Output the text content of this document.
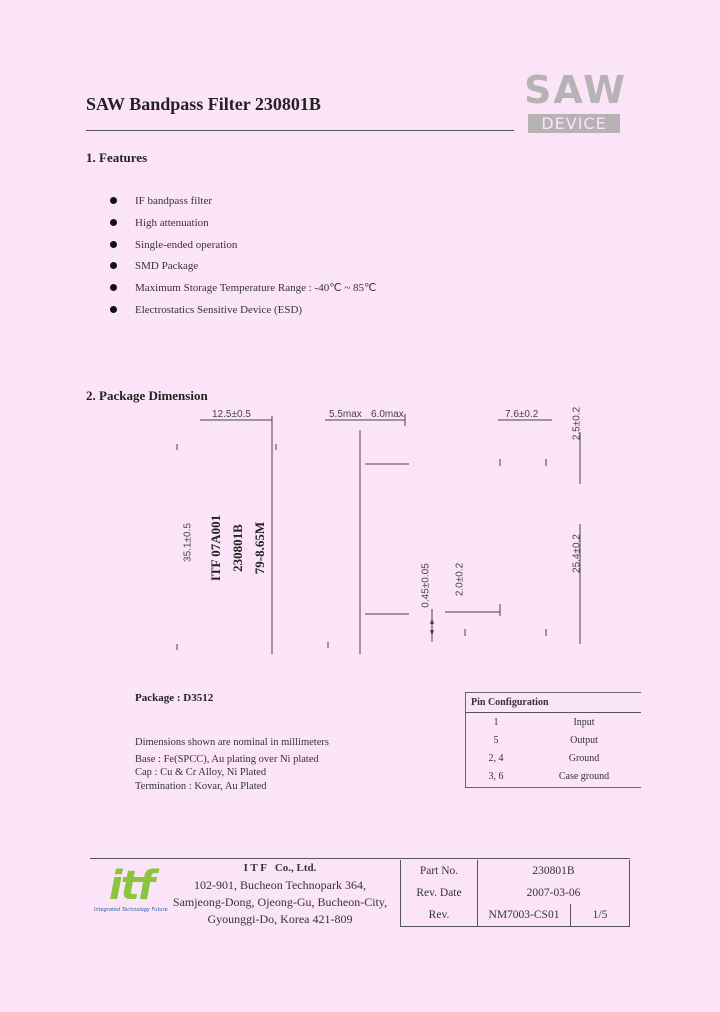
SAW Bandpass Filter 230801B	SAW
DEVICE
1. Features
IF bandpass filter
High attenuation
Single-ended operation
SMD Package
Maximum Storage Temperature Range : -40℃ ~ 85℃
Electrostatics Sensitive Device (ESD)
2. Package Dimension
12.5±0.5	5.5max 6.0max	7.6±0.2
35.1±0.5
0.45±0.05 2.0±0.2
2.5±0.2
25.4±0.2
ITF 07A001 230801B 79-8.65M
Package : D3512
Dimensions shown are nominal in millimeters
Base : Fe(SPCC), Au plating over Ni plated
Cap : Cu & Cr Alloy, Ni Plated
Termination : Kovar, Au Plated
Pin Configuration	
1	Input
5	Output
2, 4	Ground
3, 6	Case ground
itf
Integrated Technology Future
I T F   Co., Ltd.
102-901, Bucheon Technopark 364,
Samjeong-Dong, Ojeong-Gu, Bucheon-City,
Gyounggi-Do, Korea 421-809
Part No.	230801B	
Rev. Date	2007-03-06	
Rev.	NM7003-CS01	1/5
